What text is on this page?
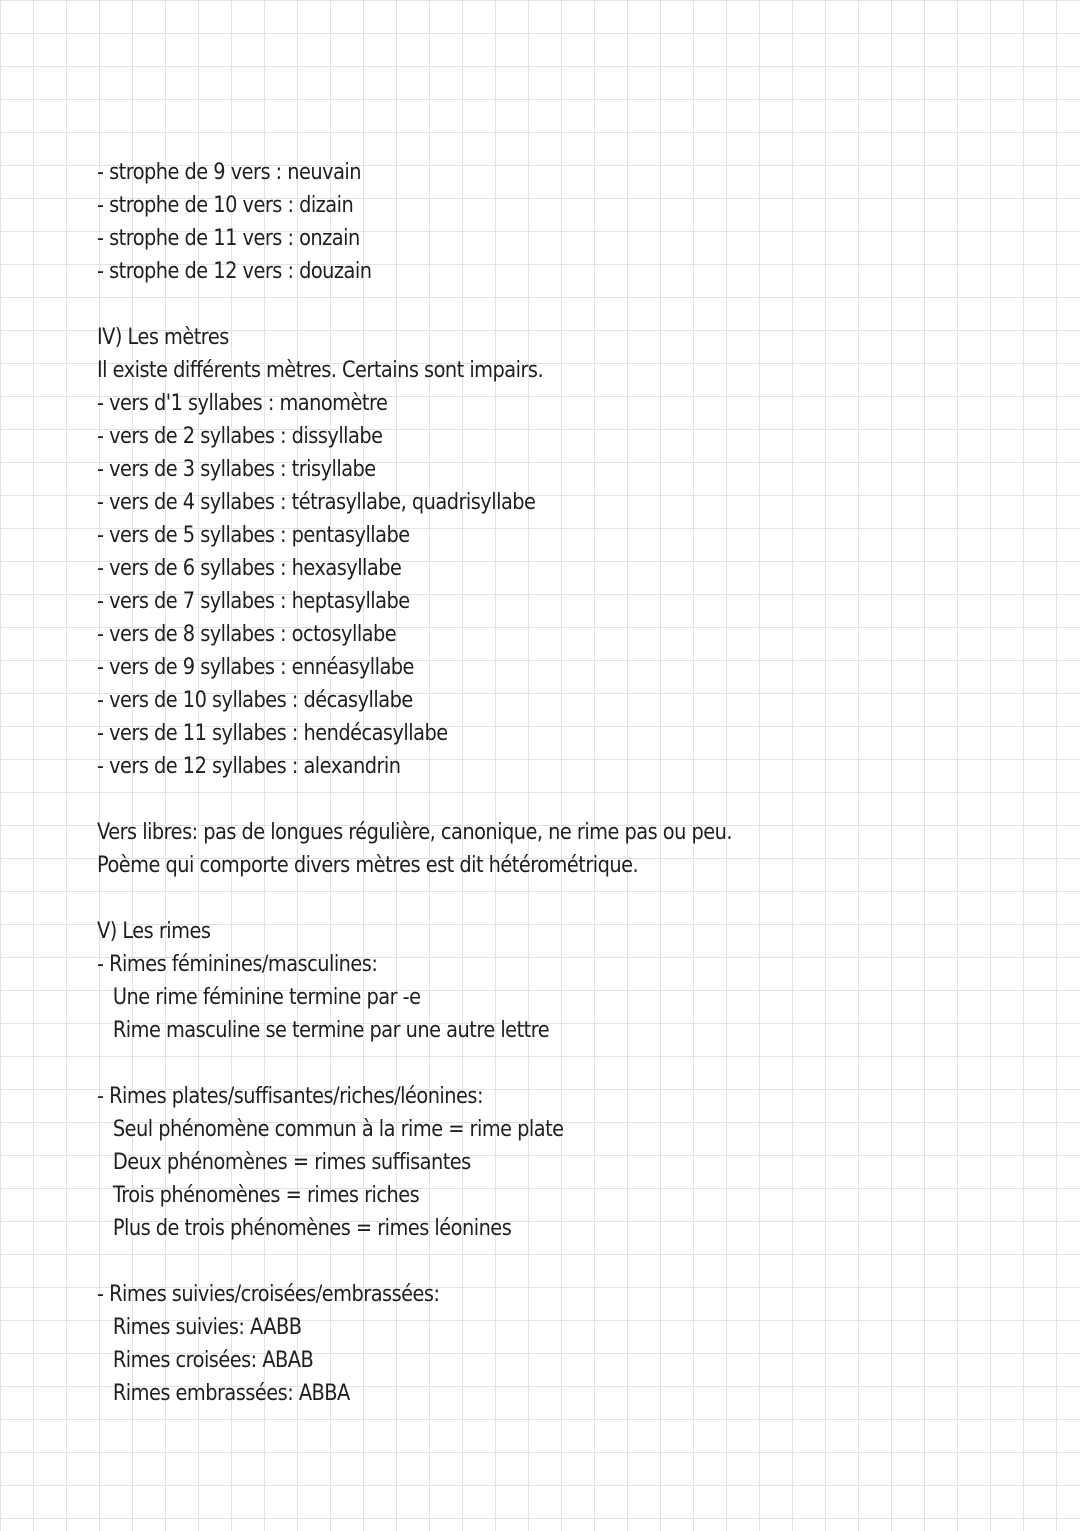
- strophe de 9 vers : neuvain
- strophe de 10 vers : dizain
- strophe de 11 vers : onzain
- strophe de 12 vers : douzain
IV) Les mètres
Il existe différents mètres. Certains sont impairs.
- vers d'1 syllabes : manomètre
- vers de 2 syllabes : dissyllabe
- vers de 3 syllabes : trisyllabe
- vers de 4 syllabes : tétrasyllabe, quadrisyllabe
- vers de 5 syllabes : pentasyllabe
- vers de 6 syllabes : hexasyllabe
- vers de 7 syllabes : heptasyllabe
- vers de 8 syllabes : octosyllabe
- vers de 9 syllabes : ennéasyllabe
- vers de 10 syllabes : décasyllabe
- vers de 11 syllabes : hendécasyllabe
- vers de 12 syllabes : alexandrin
Vers libres: pas de longues régulière, canonique, ne rime pas ou peu.
Poème qui comporte divers mètres est dit hétérométrique.
V) Les rimes
- Rimes féminines/masculines:
Une rime féminine termine par -e
Rime masculine se termine par une autre lettre
- Rimes plates/suffisantes/riches/léonines:
Seul phénomène commun à la rime = rime plate
Deux phénomènes = rimes suffisantes
Trois phénomènes = rimes riches
Plus de trois phénomènes = rimes léonines
- Rimes suivies/croisées/embrassées:
Rimes suivies: AABB
Rimes croisées: ABAB
Rimes embrassées: ABBA
